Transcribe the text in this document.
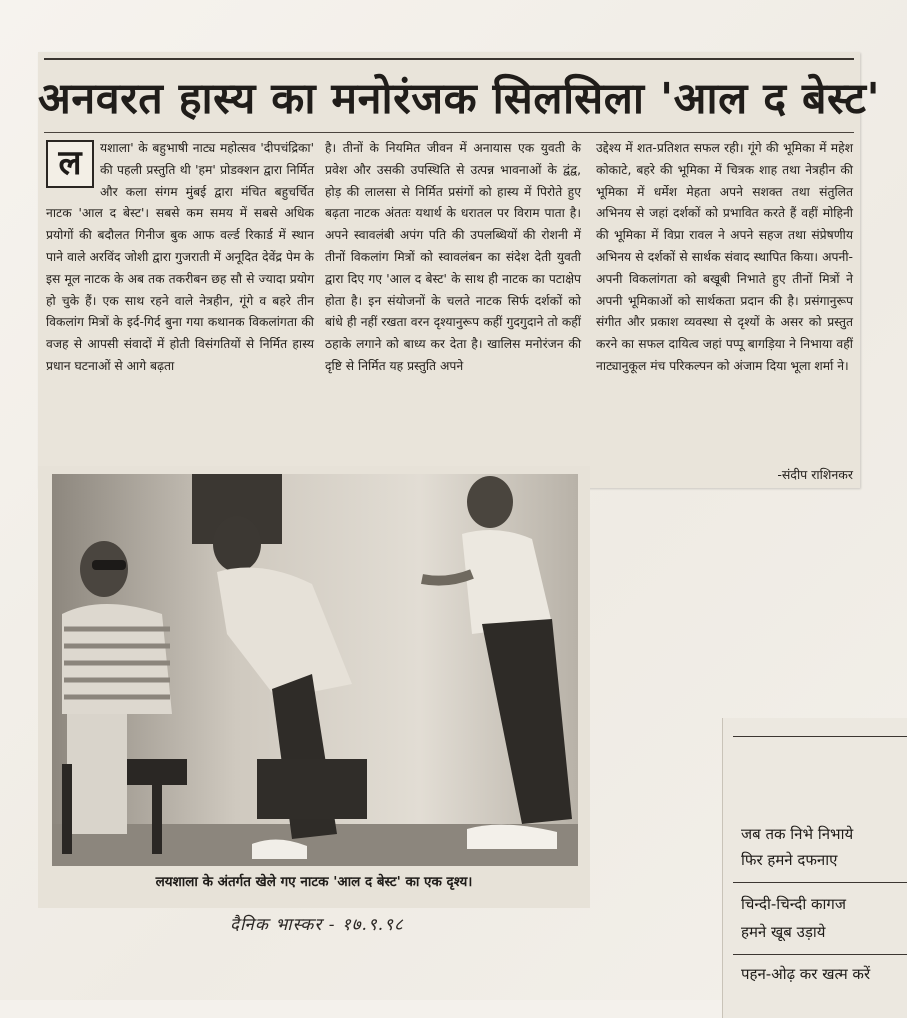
अनवरत हास्य का मनोरंजक सिलसिला 'आल द बेस्ट'
ल	यशाला' के बहुभाषी नाट्य महोत्सव 'दीपचंद्रिका' की पहली प्रस्तुति थी 'हम' प्रोडक्शन द्वारा निर्मित और कला संगम मुंबई द्वारा मंचित बहुचर्चित नाटक 'आल द बेस्ट'। सबसे कम समय में सबसे अधिक प्रयोगों की बदौलत गिनीज बुक आफ वर्ल्ड रिकार्ड में स्थान पाने वाले अरविंद जोशी द्वारा गुजराती में अनूदित देवेंद्र पेम के इस मूल नाटक के अब तक तकरीबन छह सौ से ज्यादा प्रयोग हो चुके हैं। एक साथ रहने वाले नेत्रहीन, गूंगे व बहरे तीन विकलांग मित्रों के इर्द-गिर्द बुना गया कथानक विकलांगता की वजह से आपसी संवादों में होती विसंगतियों से निर्मित हास्य प्रधान घटनाओं से आगे बढ़ता
है। तीनों के नियमित जीवन में अनायास एक युवती के प्रवेश और उसकी उपस्थिति से उत्पन्न भावनाओं के द्वंद्व, होड़ की लालसा से निर्मित प्रसंगों को हास्य में पिरोते हुए बढ़ता नाटक अंततः यथार्थ के धरातल पर विराम पाता है। अपने स्वावलंबी अपंग पति की उपलब्धियों की रोशनी में तीनों विकलांग मित्रों को स्वावलंबन का संदेश देती युवती द्वारा दिए गए 'आल द बेस्ट' के साथ ही नाटक का पटाक्षेप होता है। इन संयोजनों के चलते नाटक सिर्फ दर्शकों को बांधे ही नहीं रखता वरन दृश्यानुरूप कहीं गुदगुदाने तो कहीं ठहाके लगाने को बाध्य कर देता है। खालिस मनोरंजन की दृष्टि से निर्मित यह प्रस्तुति अपने
उद्देश्य में शत-प्रतिशत सफल रही। गूंगे की भूमिका में महेश कोकाटे, बहरे की भूमिका में चित्रक शाह तथा नेत्रहीन की भूमिका में धर्मेश मेहता अपने सशक्त तथा संतुलित अभिनय से जहां दर्शकों को प्रभावित करते हैं वहीं मोहिनी की भूमिका में विप्रा रावल ने अपने सहज तथा संप्रेषणीय अभिनय से दर्शकों से सार्थक संवाद स्थापित किया। अपनी-अपनी विकलांगता को बखूबी निभाते हुए तीनों मित्रों ने अपनी भूमिकाओं को सार्थकता प्रदान की है। प्रसंगानुरूप संगीत और प्रकाश व्यवस्था से दृश्यों के असर को प्रस्तुत करने का सफल दायित्व जहां पप्पू बागड़िया ने निभाया वहीं नाट्यानुकूल मंच परिकल्पन को अंजाम दिया भूला शर्मा ने।
-संदीप राशिनकर
लयशाला के अंतर्गत खेले गए नाटक 'आल द बेस्ट' का एक दृश्य।
दैनिक भास्कर - १७.९.९८
जब तक निभे निभाये
फिर हमने दफनाए
चिन्दी-चिन्दी कागज
हमने खूब उड़ाये
पहन-ओढ़ कर खत्म करें
